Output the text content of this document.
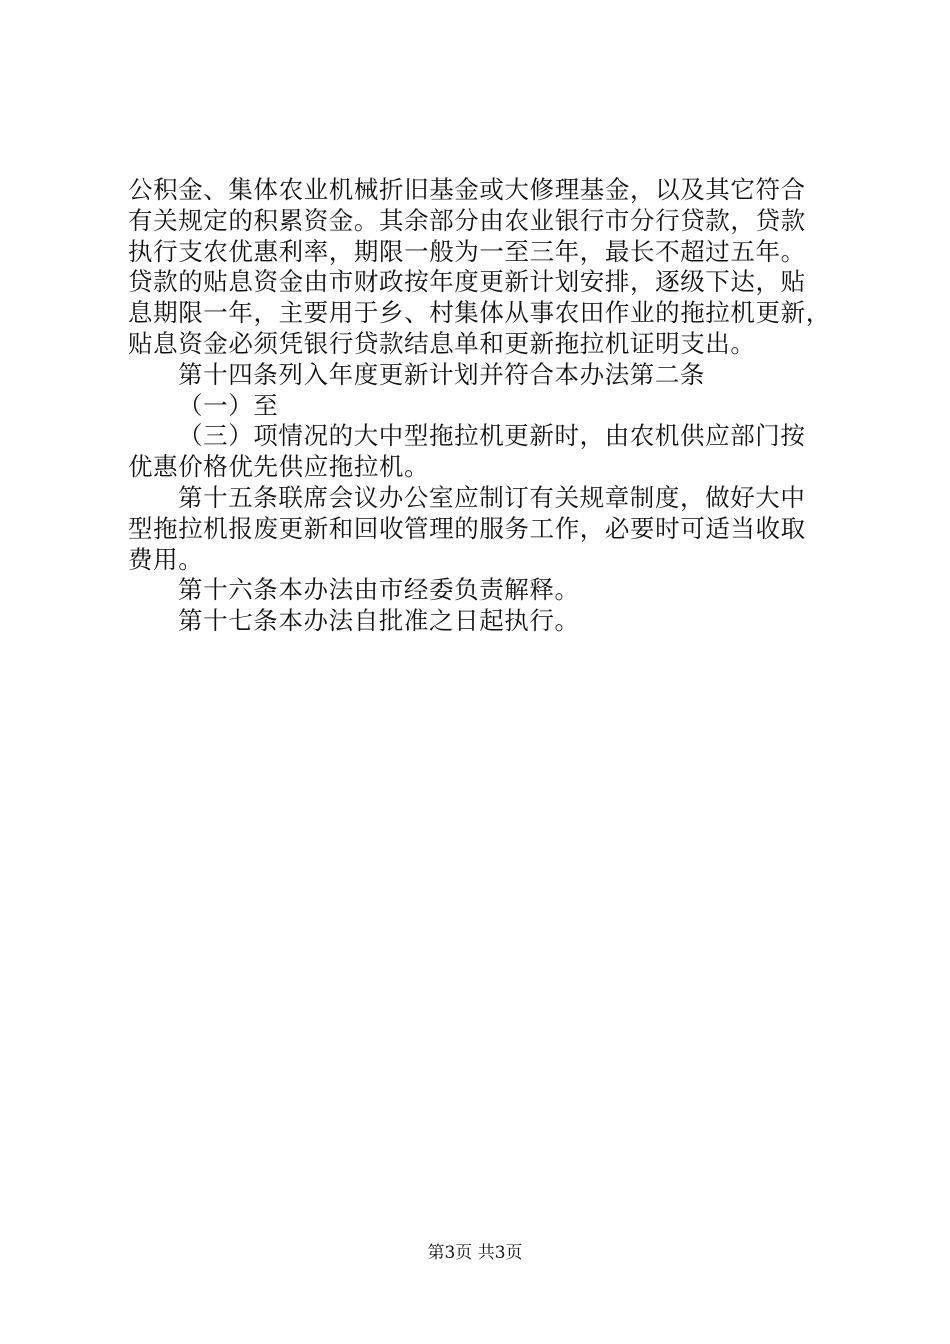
公积金、集体农业机械折旧基金或大修理基金，以及其它符合
有关规定的积累资金。其余部分由农业银行市分行贷款，贷款
执行支农优惠利率，期限一般为一至三年，最长不超过五年。
贷款的贴息资金由市财政按年度更新计划安排，逐级下达，贴
息期限一年，主要用于乡、村集体从事农田作业的拖拉机更新，
贴息资金必须凭银行贷款结息单和更新拖拉机证明支出。
第十四条列入年度更新计划并符合本办法第二条
（一）至
（三）项情况的大中型拖拉机更新时，由农机供应部门按
优惠价格优先供应拖拉机。
第十五条联席会议办公室应制订有关规章制度，做好大中
型拖拉机报废更新和回收管理的服务工作，必要时可适当收取
费用。
第十六条本办法由市经委负责解释。
第十七条本办法自批准之日起执行。
第3页 共3页
